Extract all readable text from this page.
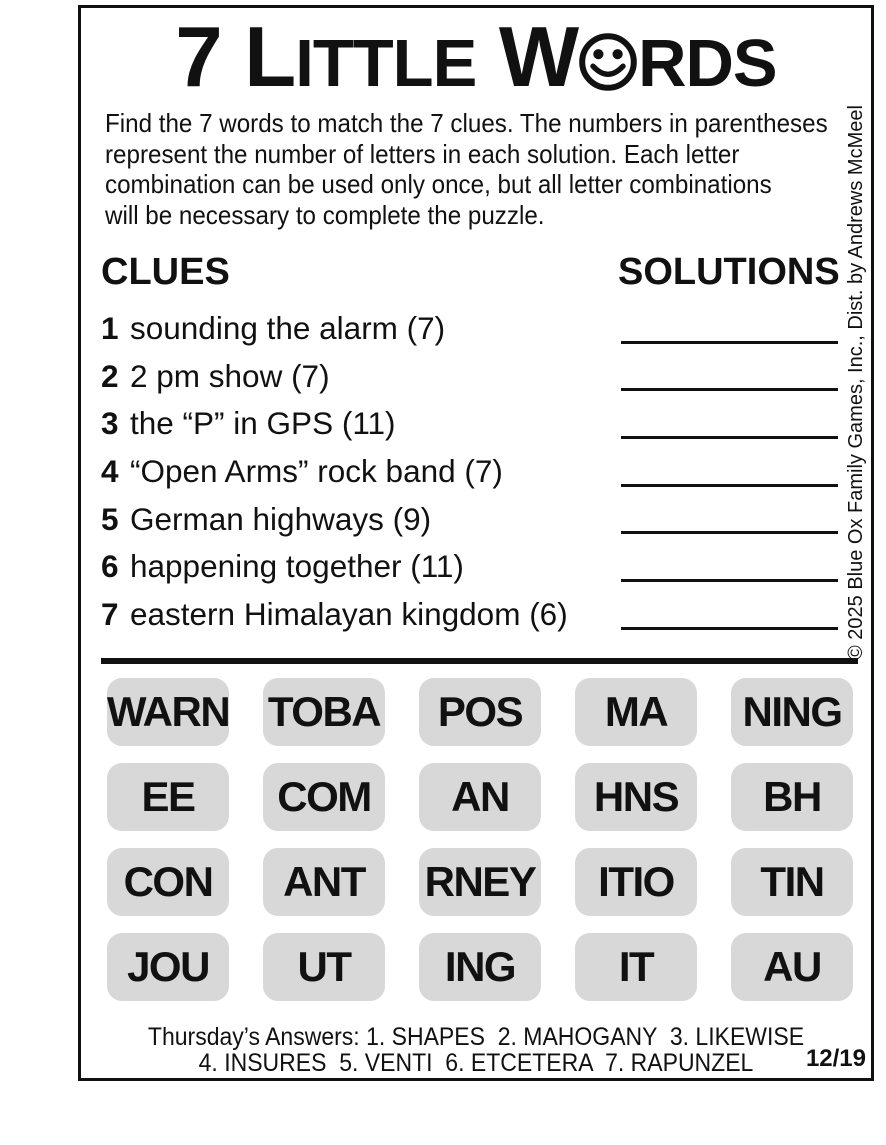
7 LITTLE W RDS
Find the 7 words to match the 7 clues. The numbers in parentheses
represent the number of letters in each solution. Each letter
combination can be used only once, but all letter combinations
will be necessary to complete the puzzle.
CLUES	SOLUTIONS
1 sounding the alarm (7)
2 2 pm show (7)
3 the “P” in GPS (11)
4 “Open Arms” rock band (7)
5 German highways (9)
6 happening together (11)
7 eastern Himalayan kingdom (6)
WARN TOBA	POS	MA	NING
EE	COM	AN	HNS	BH
CON	ANT	RNEY	ITIO	TIN
JOU	UT	ING	IT	AU
Thursday’s Answers: 1. SHAPES  2. MAHOGANY  3. LIKEWISE
4. INSURES  5. VENTI  6. ETCETERA  7. RAPUNZEL	12/19
© 2025 Blue Ox Family Games, Inc., Dist. by Andrews McMeel
